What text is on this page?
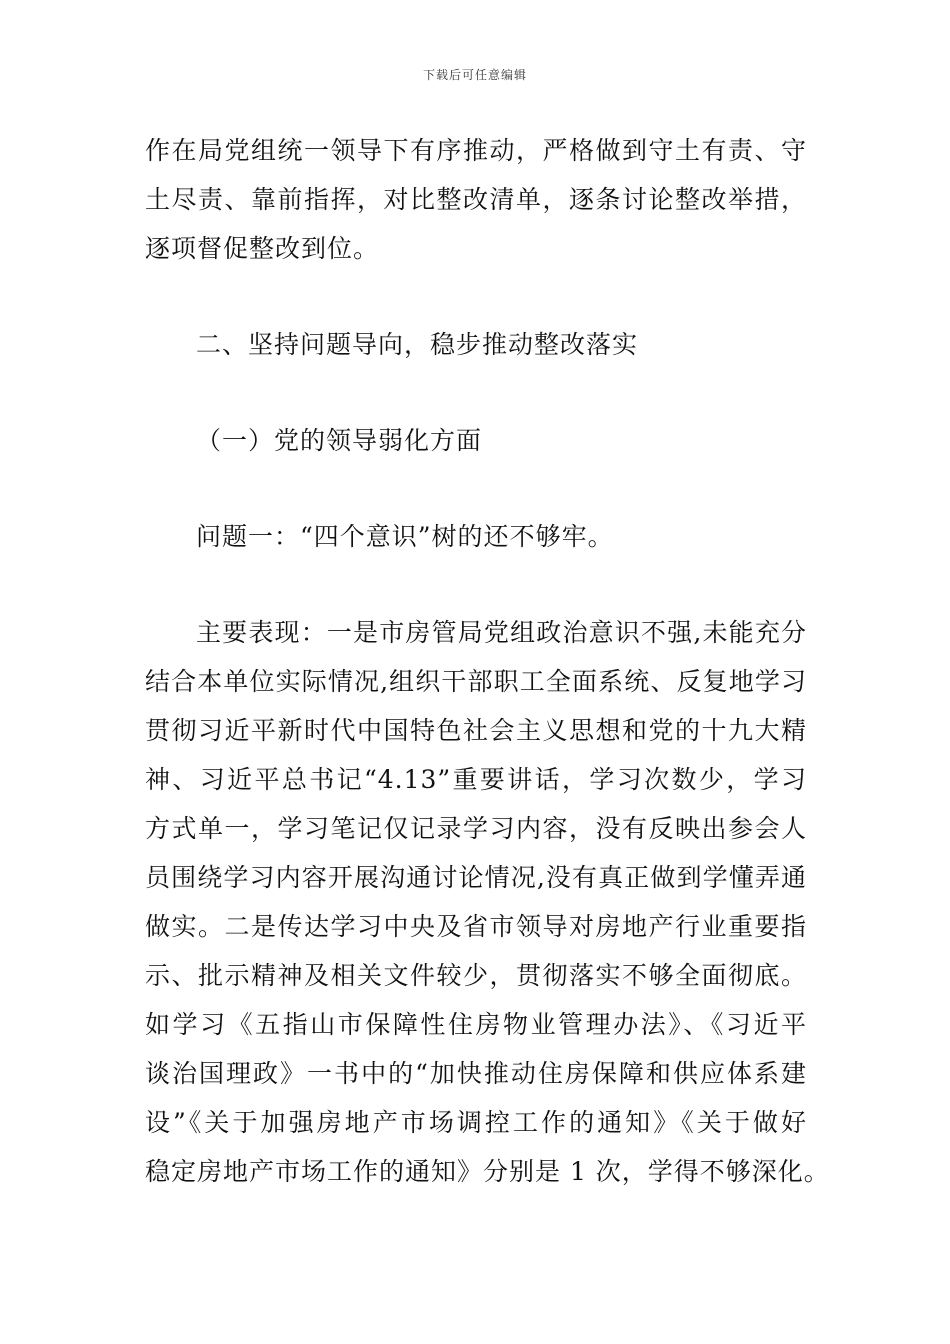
下载后可任意编辑

作在局党组统一领导下有序推动，严格做到守土有责、守
土尽责、靠前指挥，对比整改清单，逐条讨论整改举措，
逐项督促整改到位。

二、坚持问题导向，稳步推动整改落实

（一）党的领导弱化方面

问题一：“四个意识”树的还不够牢。

主要表现：一是市房管局党组政治意识不强,未能充分
结合本单位实际情况,组织干部职工全面系统、反复地学习
贯彻习近平新时代中国特色社会主义思想和党的十九大精
神、习近平总书记“4.13”重要讲话，学习次数少，学习
方式单一，学习笔记仅记录学习内容，没有反映出参会人
员围绕学习内容开展沟通讨论情况,没有真正做到学懂弄通
做实。二是传达学习中央及省市领导对房地产行业重要指
示、批示精神及相关文件较少，贯彻落实不够全面彻底。
如学习《五指山市保障性住房物业管理办法》、《习近平
谈治国理政》一书中的“加快推动住房保障和供应体系建
设”《关于加强房地产市场调控工作的通知》《关于做好
稳定房地产市场工作的通知》分别是 1 次，学得不够深化。
